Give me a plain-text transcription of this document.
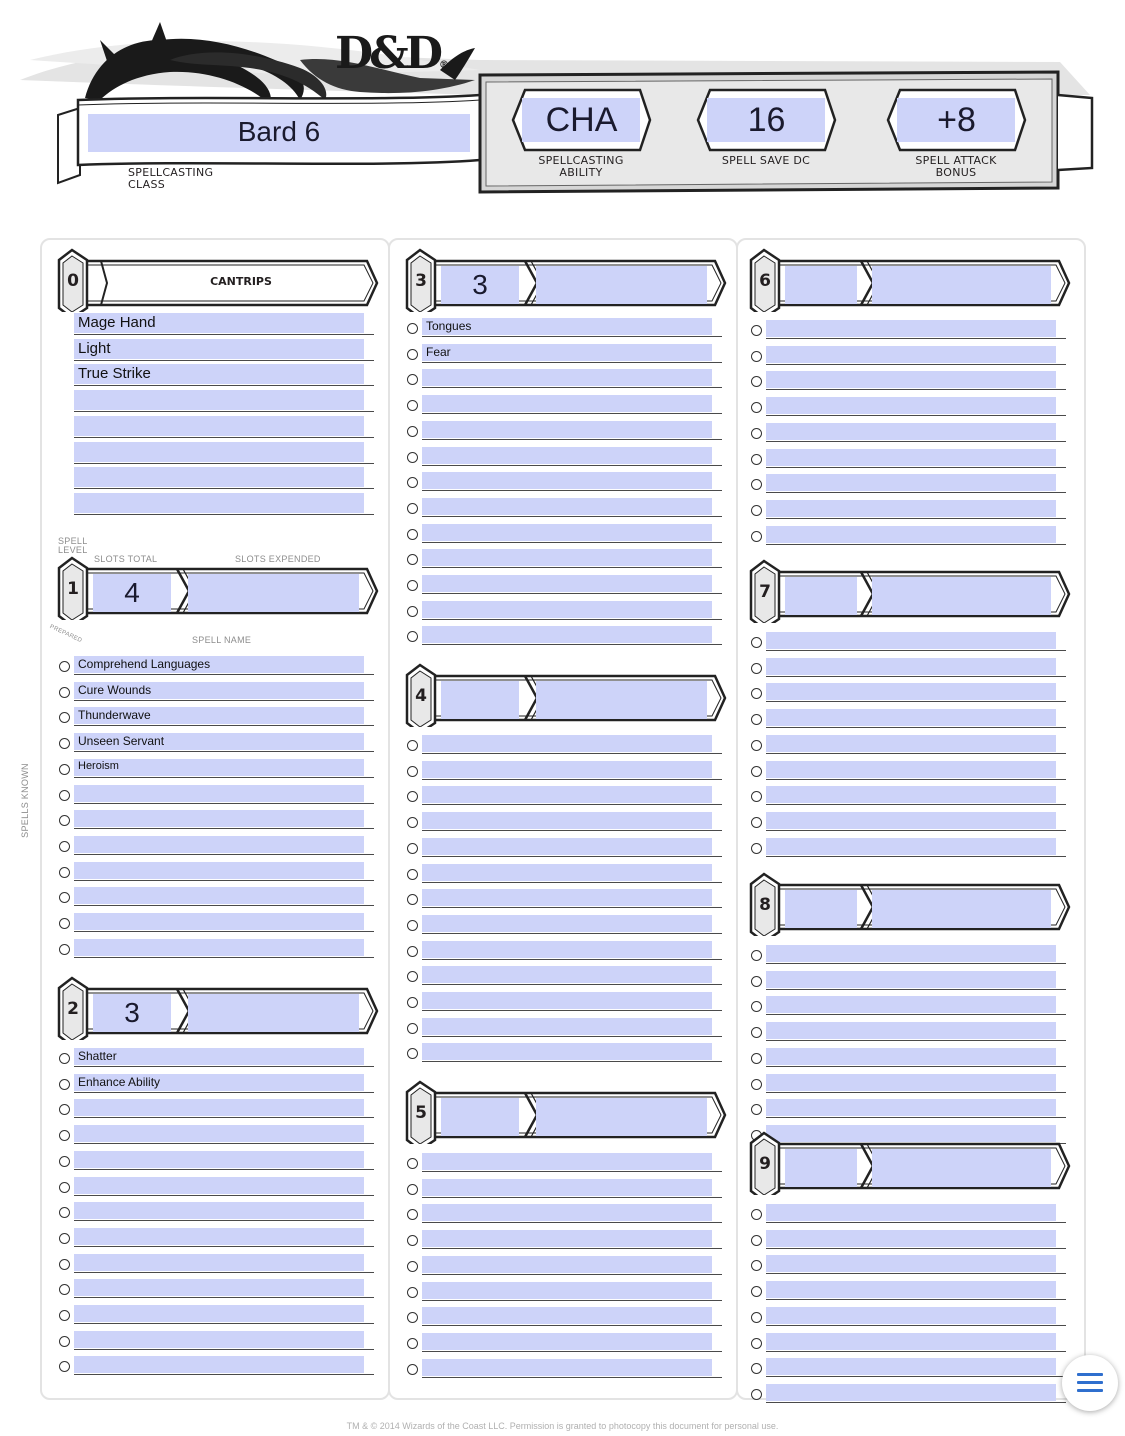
D&D®
Bard 6
SPELLCASTING CLASS
CHA
SPELLCASTING ABILITY
16
SPELL SAVE DC
+8
SPELL ATTACK BONUS
SPELL LEVEL
SLOTS TOTAL	SLOTS EXPENDED
PREPARED	SPELL NAME
SPELLS KNOWN
0	CANTRIPS
Mage Hand
Light
True Strike
1	4
Comprehend Languages
Cure Wounds
Thunderwave
Unseen Servant
Heroism
2	3
Shatter
Enhance Ability
3	3
Tongues
Fear
4
5
6
7
8
9
TM & © 2014 Wizards of the Coast LLC. Permission is granted to photocopy this document for personal use.
